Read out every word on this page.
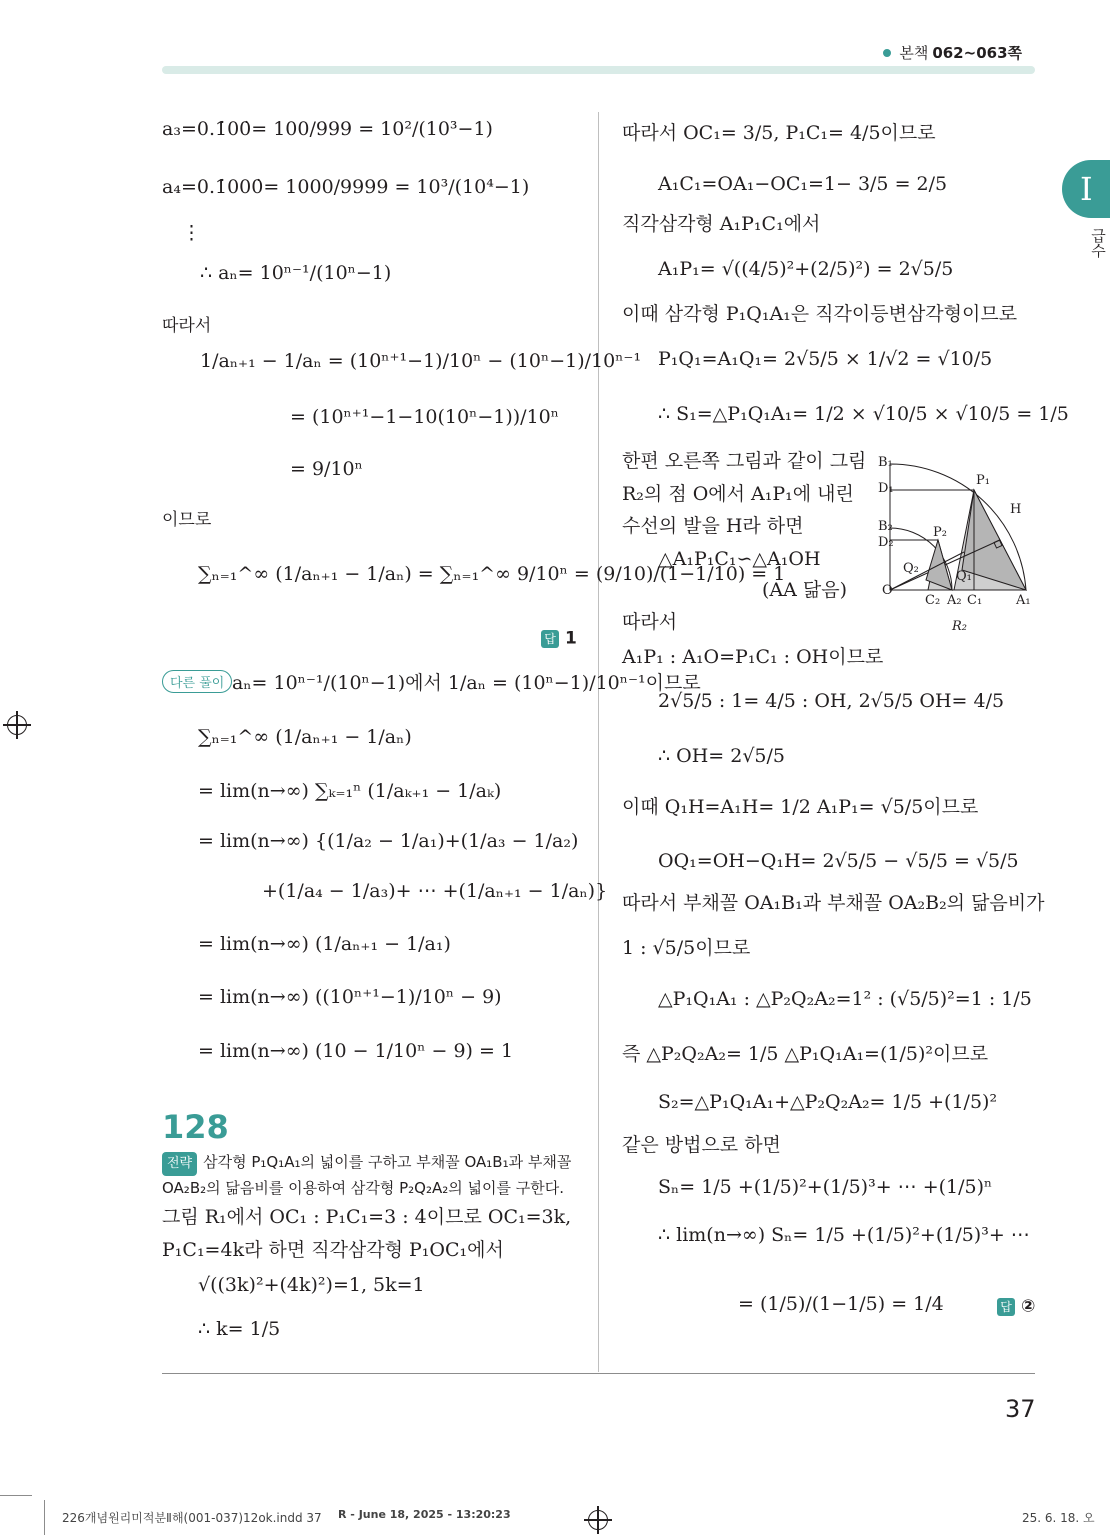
본책 062~063쪽
I
급수
a₃=0.1̇00̇= 100/999 = 10²/(10³−1)
a₄=0.1̇000̇= 1000/9999 = 10³/(10⁴−1)
⋮
∴ aₙ= 10ⁿ⁻¹/(10ⁿ−1)
따라서
1/aₙ₊₁ − 1/aₙ = (10ⁿ⁺¹−1)/10ⁿ − (10ⁿ−1)/10ⁿ⁻¹
= (10ⁿ⁺¹−1−10(10ⁿ−1))/10ⁿ
= 9/10ⁿ
이므로
∑ₙ₌₁^∞ (1/aₙ₊₁ − 1/aₙ) = ∑ₙ₌₁^∞ 9/10ⁿ = (9/10)/(1−1/10) = 1
답 1
다른 풀이 aₙ= 10ⁿ⁻¹/(10ⁿ−1)에서 1/aₙ = (10ⁿ−1)/10ⁿ⁻¹이므로
∑ₙ₌₁^∞ (1/aₙ₊₁ − 1/aₙ)
= lim(n→∞) ∑ₖ₌₁ⁿ (1/aₖ₊₁ − 1/aₖ)
= lim(n→∞) {(1/a₂ − 1/a₁)+(1/a₃ − 1/a₂)
+(1/a₄ − 1/a₃)+ ⋯ +(1/aₙ₊₁ − 1/aₙ)}
= lim(n→∞) (1/aₙ₊₁ − 1/a₁)
= lim(n→∞) ((10ⁿ⁺¹−1)/10ⁿ − 9)
= lim(n→∞) (10 − 1/10ⁿ − 9) = 1
128
전략 삼각형 P₁Q₁A₁의 넓이를 구하고 부채꼴 OA₁B₁과 부채꼴
OA₂B₂의 닮음비를 이용하여 삼각형 P₂Q₂A₂의 넓이를 구한다.
그림 R₁에서 OC₁ : P₁C₁=3 : 4이므로 OC₁=3k,
P₁C₁=4k라 하면 직각삼각형 P₁OC₁에서
√((3k)²+(4k)²)=1, 5k=1
∴ k= 1/5
따라서 OC₁= 3/5, P₁C₁= 4/5이므로
A₁C₁=OA₁−OC₁=1− 3/5 = 2/5
직각삼각형 A₁P₁C₁에서
A₁P₁= √((4/5)²+(2/5)²) = 2√5/5
이때 삼각형 P₁Q₁A₁은 직각이등변삼각형이므로
P₁Q₁=A₁Q₁= 2√5/5 × 1/√2 = √10/5
∴ S₁=△P₁Q₁A₁= 1/2 × √10/5 × √10/5 = 1/5
한편 오른쪽 그림과 같이 그림
R₂의 점 O에서 A₁P₁에 내린
수선의 발을 H라 하면
△A₁P₁C₁∽△A₁OH
(AA 닮음)
따라서
A₁P₁ : A₁O=P₁C₁ : OH이므로
2√5/5 : 1= 4/5 : OH, 2√5/5 OH= 4/5
∴ OH= 2√5/5
이때 Q₁H=A₁H= 1/2 A₁P₁= √5/5이므로
OQ₁=OH−Q₁H= 2√5/5 − √5/5 = √5/5
따라서 부채꼴 OA₁B₁과 부채꼴 OA₂B₂의 닮음비가
1 : √5/5이므로
△P₁Q₁A₁ : △P₂Q₂A₂=1² : (√5/5)²=1 : 1/5
즉 △P₂Q₂A₂= 1/5 △P₁Q₁A₁=(1/5)²이므로
S₂=△P₁Q₁A₁+△P₂Q₂A₂= 1/5 +(1/5)²
같은 방법으로 하면
Sₙ= 1/5 +(1/5)²+(1/5)³+ ⋯ +(1/5)ⁿ
∴ lim(n→∞) Sₙ= 1/5 +(1/5)²+(1/5)³+ ⋯
= (1/5)/(1−1/5) = 1/4	답 ②
B₁
D₁
P₁
H
B₂
D₂
P₂
Q₂
Q₁
O
C₂ A₂ C₁	A₁
R₂
37
226개념원리미적분Ⅱ해(001-037)12ok.indd 37 R - June 18, 2025 - 13:20:23	25. 6. 18. 오
